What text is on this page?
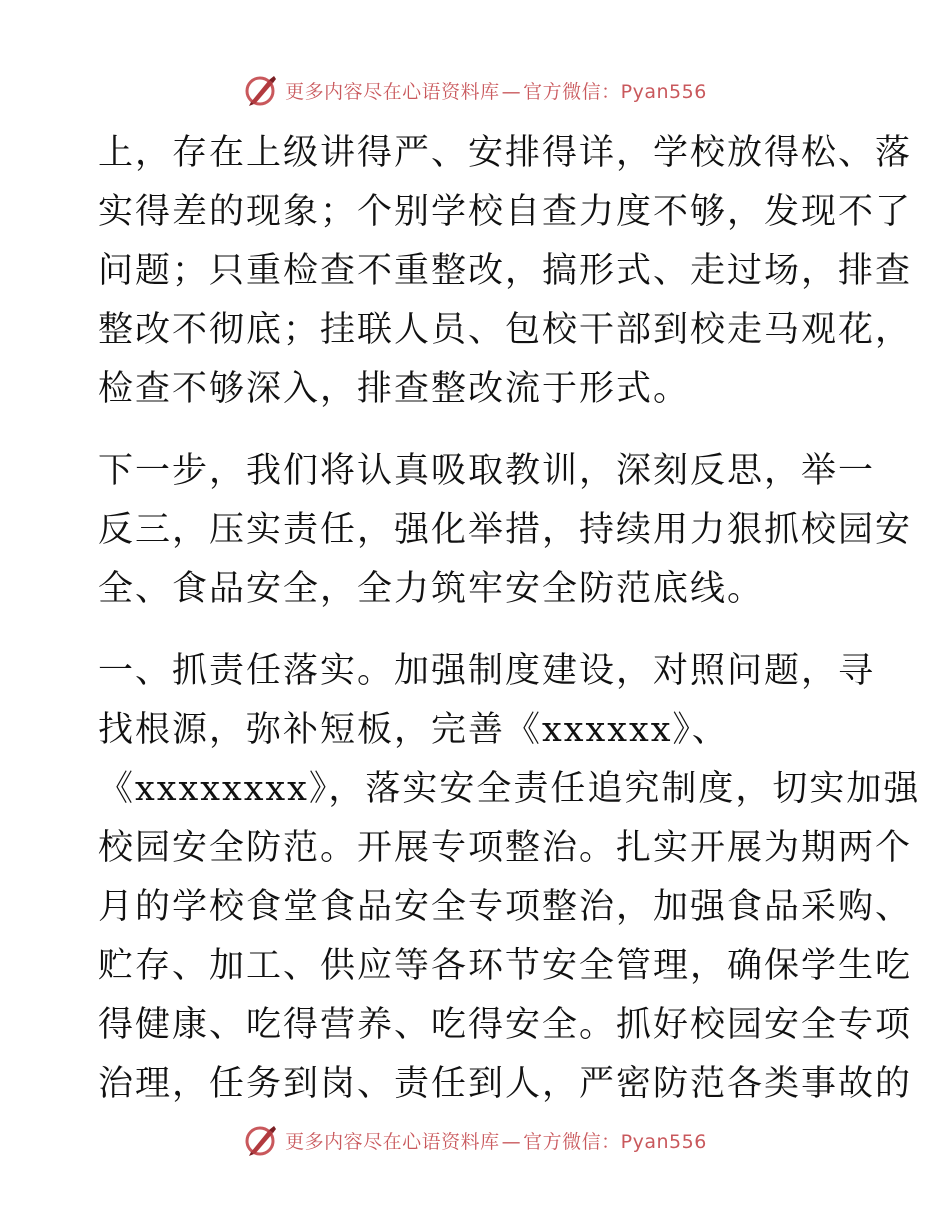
更多内容尽在心语资料库 — 官方微信：Pyan556
上，存在上级讲得严、安排得详，学校放得松、落
实得差的现象；个别学校自查力度不够，发现不了
问题；只重检查不重整改，搞形式、走过场，排查
整改不彻底；挂联人员、包校干部到校走马观花，
检查不够深入，排查整改流于形式。
下一步，我们将认真吸取教训，深刻反思，举一
反三，压实责任，强化举措，持续用力狠抓校园安
全、食品安全，全力筑牢安全防范底线。
一、抓责任落实。加强制度建设，对照问题，寻
找根源，弥补短板，完善《xxxxxx》、
《xxxxxxxx》，落实安全责任追究制度，切实加强
校园安全防范。开展专项整治。扎实开展为期两个
月的学校食堂食品安全专项整治，加强食品采购、
贮存、加工、供应等各环节安全管理，确保学生吃
得健康、吃得营养、吃得安全。抓好校园安全专项
治理，任务到岗、责任到人，严密防范各类事故的
更多内容尽在心语资料库 — 官方微信：Pyan556
